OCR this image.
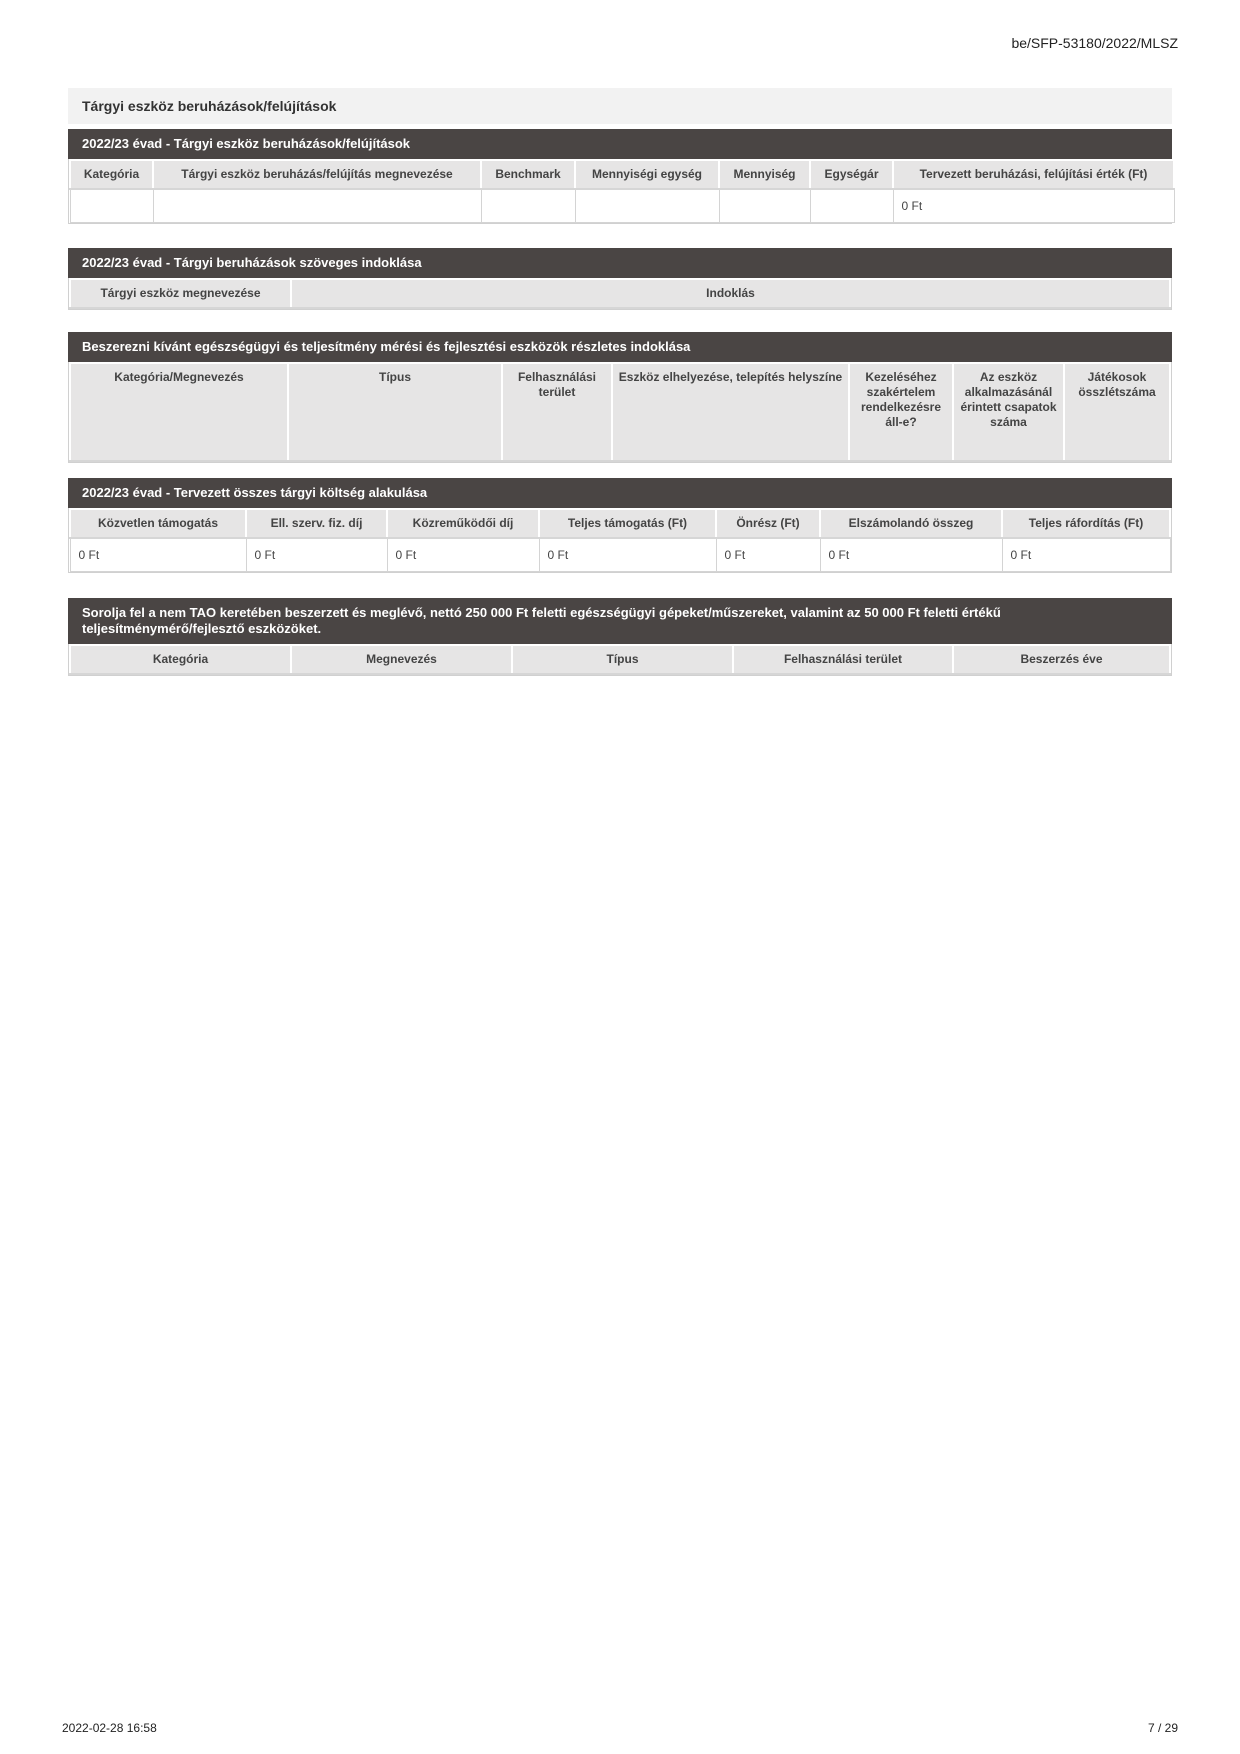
be/SFP-53180/2022/MLSZ
Tárgyi eszköz beruházások/felújítások
2022/23 évad - Tárgyi eszköz beruházások/felújítások
Kategória	Tárgyi eszköz beruházás/felújítás megnevezése	Benchmark	Mennyiségi egység	Mennyiség	Egységár	Tervezett beruházási, felújítási érték (Ft)
						0 Ft
2022/23 évad - Tárgyi beruházások szöveges indoklása
Tárgyi eszköz megnevezése	Indoklás
Beszerezni kívánt egészségügyi és teljesítmény mérési és fejlesztési eszközök részletes indoklása
Kategória/Megnevezés	Típus	Felhasználási terület	Eszköz elhelyezése, telepítés helyszíne	Kezeléséhez szakértelem rendelkezésre áll-e?	Az eszköz alkalmazásánál érintett csapatok száma	Játékosok összlétszáma
2022/23 évad - Tervezett összes tárgyi költség alakulása
Közvetlen támogatás	Ell. szerv. fiz. díj	Közreműködői díj	Teljes támogatás (Ft)	Önrész (Ft)	Elszámolandó összeg	Teljes ráfordítás (Ft)
0 Ft	0 Ft	0 Ft	0 Ft	0 Ft	0 Ft	0 Ft
Sorolja fel a nem TAO keretében beszerzett és meglévő, nettó 250 000 Ft feletti egészségügyi gépeket/műszereket, valamint az 50 000 Ft feletti értékű teljesítménymérő/fejlesztő eszközöket.
Kategória	Megnevezés	Típus	Felhasználási terület	Beszerzés éve
2022-02-28 16:58	7 / 29
